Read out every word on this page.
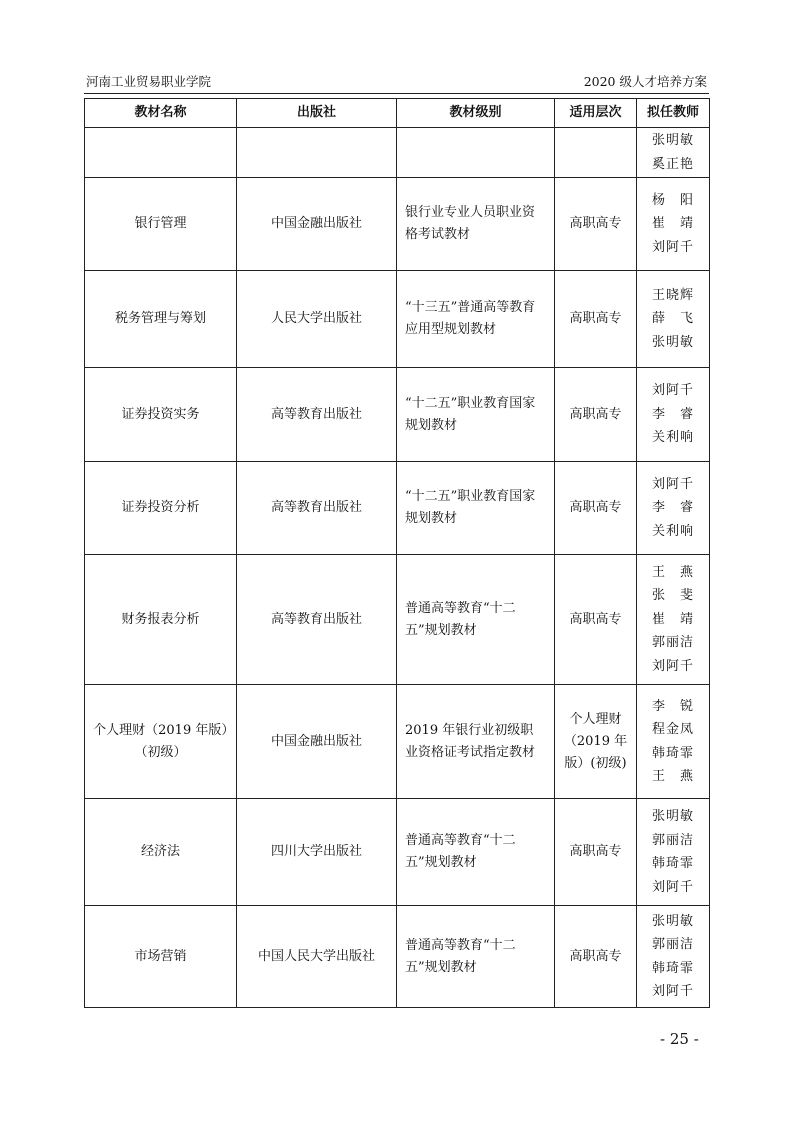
河南工业贸易职业学院	2020 级人才培养方案
教材名称	出版社	教材级别	适用层次	拟任教师

				张明敏
奚正艳

银行管理	中国金融出版社	银行业专业人员职业资格考试教材	高职高专	杨　阳
崔　靖
刘阿千

税务管理与筹划	人民大学出版社	“十三五”普通高等教育应用型规划教材	高职高专	王晓辉
薛　飞
张明敏

证券投资实务	高等教育出版社	“十二五”职业教育国家规划教材	高职高专	刘阿千
李　睿
关利响

证券投资分析	高等教育出版社	“十二五”职业教育国家规划教材	高职高专	刘阿千
李　睿
关利响

财务报表分析	高等教育出版社	普通高等教育“十二五”规划教材	高职高专	王　燕
张　斐
崔　靖
郭丽洁
刘阿千

个人理财（2019 年版）（初级）	中国金融出版社	2019 年银行业初级职业资格证考试指定教材	个人理财（2019 年版）(初级)	李　锐
程金凤
韩琦霏
王　燕

经济法	四川大学出版社	普通高等教育“十二五”规划教材	高职高专	张明敏
郭丽洁
韩琦霏
刘阿千

市场营销	中国人民大学出版社	普通高等教育“十二五”规划教材	高职高专	张明敏
郭丽洁
韩琦霏
刘阿千
- 25 -
